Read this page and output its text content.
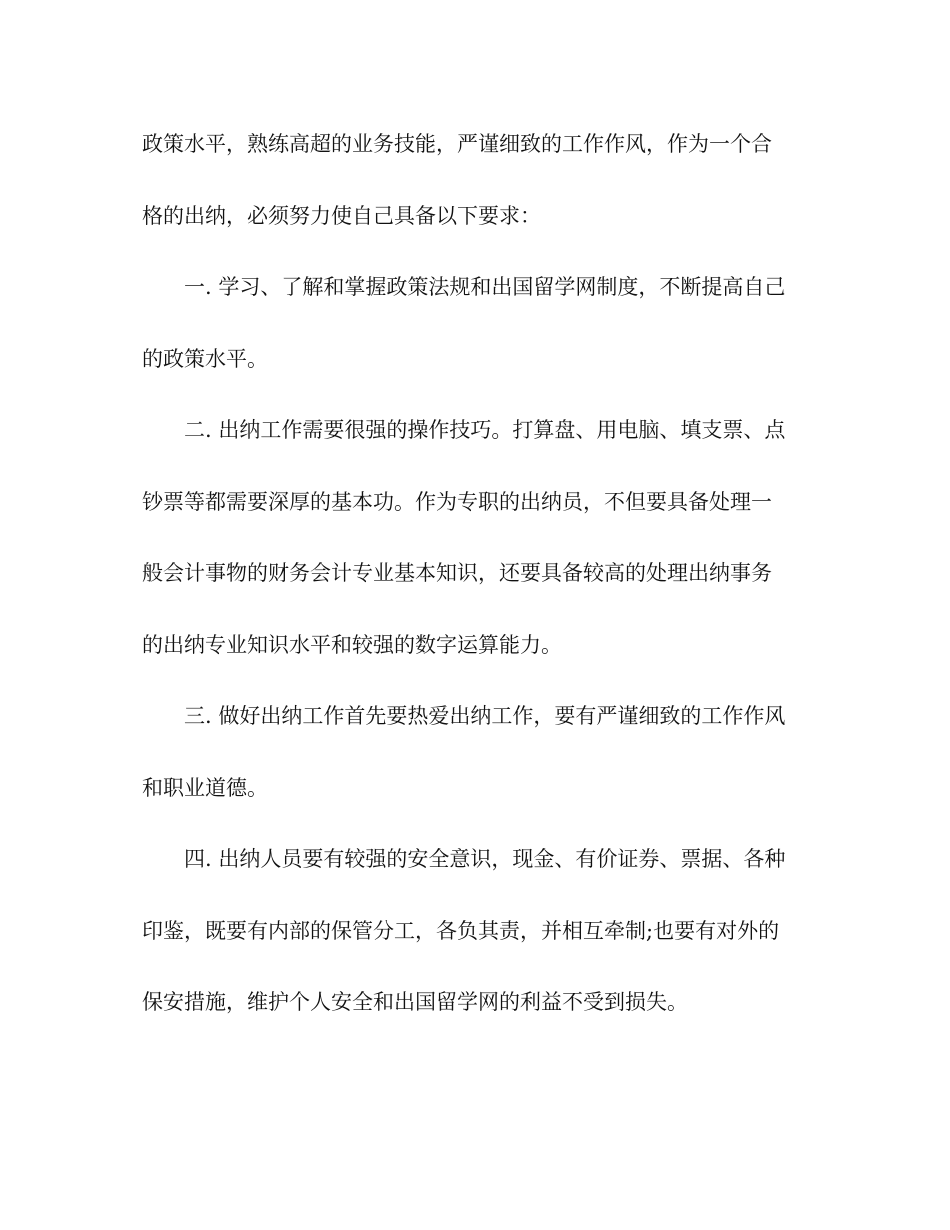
政策水平，熟练高超的业务技能，严谨细致的工作作风，作为一个合
格的出纳，必须努力使自己具备以下要求：
一. 学习、了解和掌握政策法规和出国留学网制度，不断提高自己
的政策水平。
二. 出纳工作需要很强的操作技巧。打算盘、用电脑、填支票、点
钞票等都需要深厚的基本功。作为专职的出纳员，不但要具备处理一
般会计事物的财务会计专业基本知识，还要具备较高的处理出纳事务
的出纳专业知识水平和较强的数字运算能力。
三. 做好出纳工作首先要热爱出纳工作，要有严谨细致的工作作风
和职业道德。
四. 出纳人员要有较强的安全意识，现金、有价证券、票据、各种
印鉴，既要有内部的保管分工，各负其责，并相互牵制;也要有对外的
保安措施，维护个人安全和出国留学网的利益不受到损失。
